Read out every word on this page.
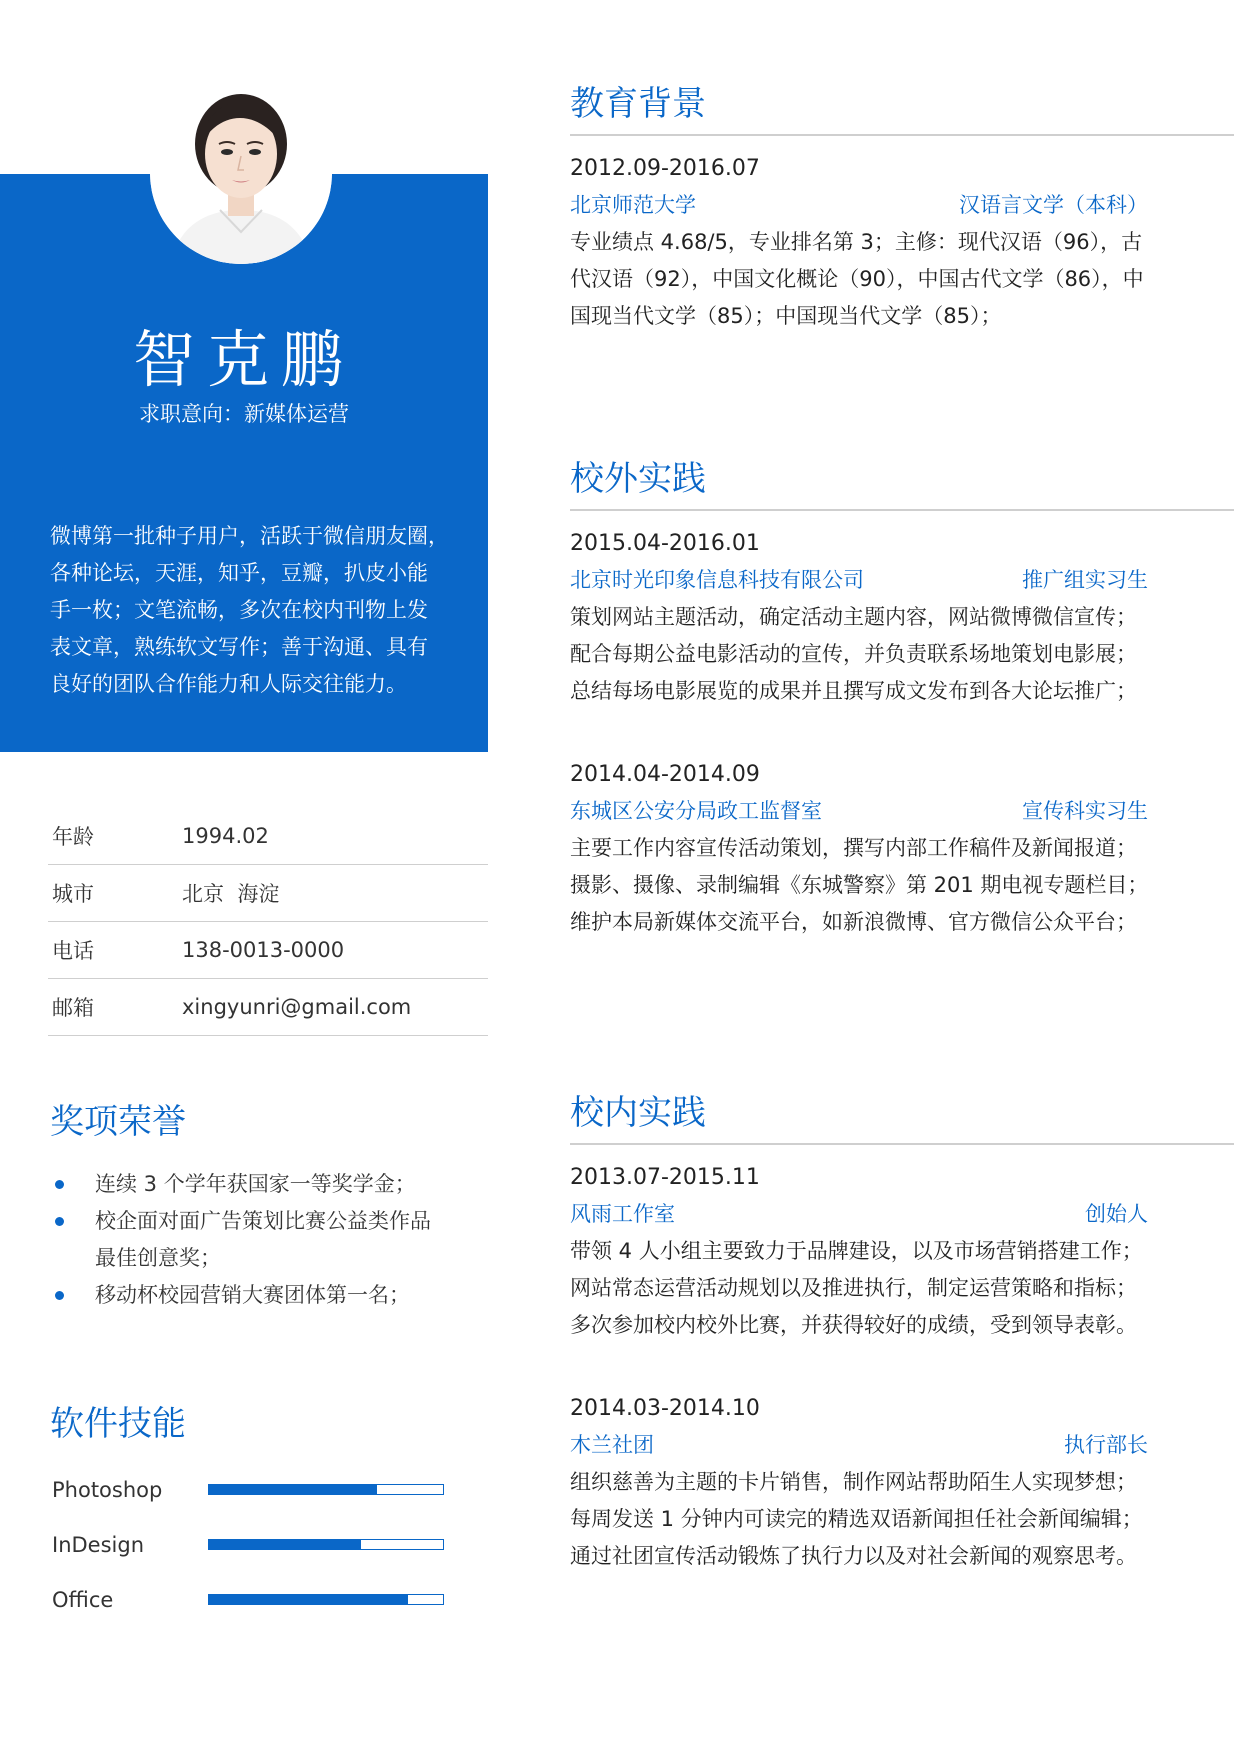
智克鹏
求职意向：新媒体运营

微博第一批种子用户，活跃于微信朋友圈，

各种论坛，天涯，知乎，豆瓣，扒皮小能

手一枚；文笔流畅，多次在校内刊物上发

表文章，熟练软文写作；善于沟通、具有

良好的团队合作能力和人际交往能力。

年龄	1994.02
城市	北京  海淀
电话	138-0013-0000
邮箱	xingyunri@gmail.com
奖项荣誉

连续 3 个学年获国家一等奖学金；

校企面对面广告策划比赛公益类作品

最佳创意奖；

移动杯校园营销大赛团体第一名；

软件技能
Photoshop
InDesign
Office
教育背景
2012.09-2016.07
北京师范大学	汉语言文学（本科）

专业绩点 4.68/5，专业排名第 3；主修：现代汉语（96），古

代汉语（92），中国文化概论（90），中国古代文学（86），中

国现当代文学（85）；中国现当代文学（85）；

校外实践
2015.04-2016.01
北京时光印象信息科技有限公司	推广组实习生

策划网站主题活动，确定活动主题内容，网站微博微信宣传；

配合每期公益电影活动的宣传，并负责联系场地策划电影展；

总结每场电影展览的成果并且撰写成文发布到各大论坛推广；

2014.04-2014.09
东城区公安分局政工监督室	宣传科实习生

主要工作内容宣传活动策划，撰写内部工作稿件及新闻报道；

摄影、摄像、录制编辑《东城警察》第 201 期电视专题栏目；

维护本局新媒体交流平台，如新浪微博、官方微信公众平台；

校内实践
2013.07-2015.11
风雨工作室	创始人

带领 4 人小组主要致力于品牌建设，以及市场营销搭建工作；

网站常态运营活动规划以及推进执行，制定运营策略和指标；

多次参加校内校外比赛，并获得较好的成绩，受到领导表彰。

2014.03-2014.10
木兰社团	执行部长

组织慈善为主题的卡片销售，制作网站帮助陌生人实现梦想；

每周发送 1 分钟内可读完的精选双语新闻担任社会新闻编辑；

通过社团宣传活动锻炼了执行力以及对社会新闻的观察思考。
